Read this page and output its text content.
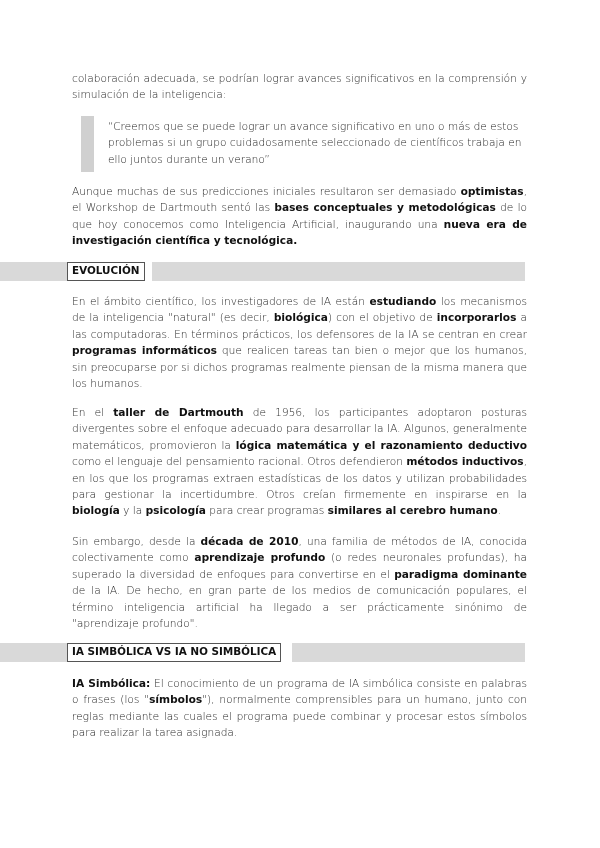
colaboración adecuada, se podrían lograr avances significativos en la comprensión y simulación de la inteligencia:

“Creemos que se puede lograr un avance significativo en uno o más de estos problemas si un grupo cuidadosamente seleccionado de científicos trabaja en ello juntos durante un verano”

Aunque muchas de sus predicciones iniciales resultaron ser demasiado optimistas, el Workshop de Dartmouth sentó las bases conceptuales y metodológicas de lo que hoy conocemos como Inteligencia Artificial, inaugurando una nueva era de investigación científica y tecnológica.

EVOLUCIÓN

En el ámbito científico, los investigadores de IA están estudiando los mecanismos de la inteligencia "natural" (es decir, biológica) con el objetivo de incorporarlos a las computadoras. En términos prácticos, los defensores de la IA se centran en crear programas informáticos que realicen tareas tan bien o mejor que los humanos, sin preocuparse por si dichos programas realmente piensan de la misma manera que los humanos.

En el taller de Dartmouth de 1956, los participantes adoptaron posturas divergentes sobre el enfoque adecuado para desarrollar la IA. Algunos, generalmente matemáticos, promovieron la lógica matemática y el razonamiento deductivo como el lenguaje del pensamiento racional. Otros defendieron métodos inductivos, en los que los programas extraen estadísticas de los datos y utilizan probabilidades para gestionar la incertidumbre. Otros creían firmemente en inspirarse en la biología y la psicología para crear programas similares al cerebro humano.

Sin embargo, desde la década de 2010, una familia de métodos de IA, conocida colectivamente como aprendizaje profundo (o redes neuronales profundas), ha superado la diversidad de enfoques para convertirse en el paradigma dominante de la IA. De hecho, en gran parte de los medios de comunicación populares, el término inteligencia artificial ha llegado a ser prácticamente sinónimo de "aprendizaje profundo".

IA SIMBÓLICA VS IA NO SIMBÓLICA

IA Simbólica: El conocimiento de un programa de IA simbólica consiste en palabras o frases (los "símbolos"), normalmente comprensibles para un humano, junto con reglas mediante las cuales el programa puede combinar y procesar estos símbolos para realizar la tarea asignada.
